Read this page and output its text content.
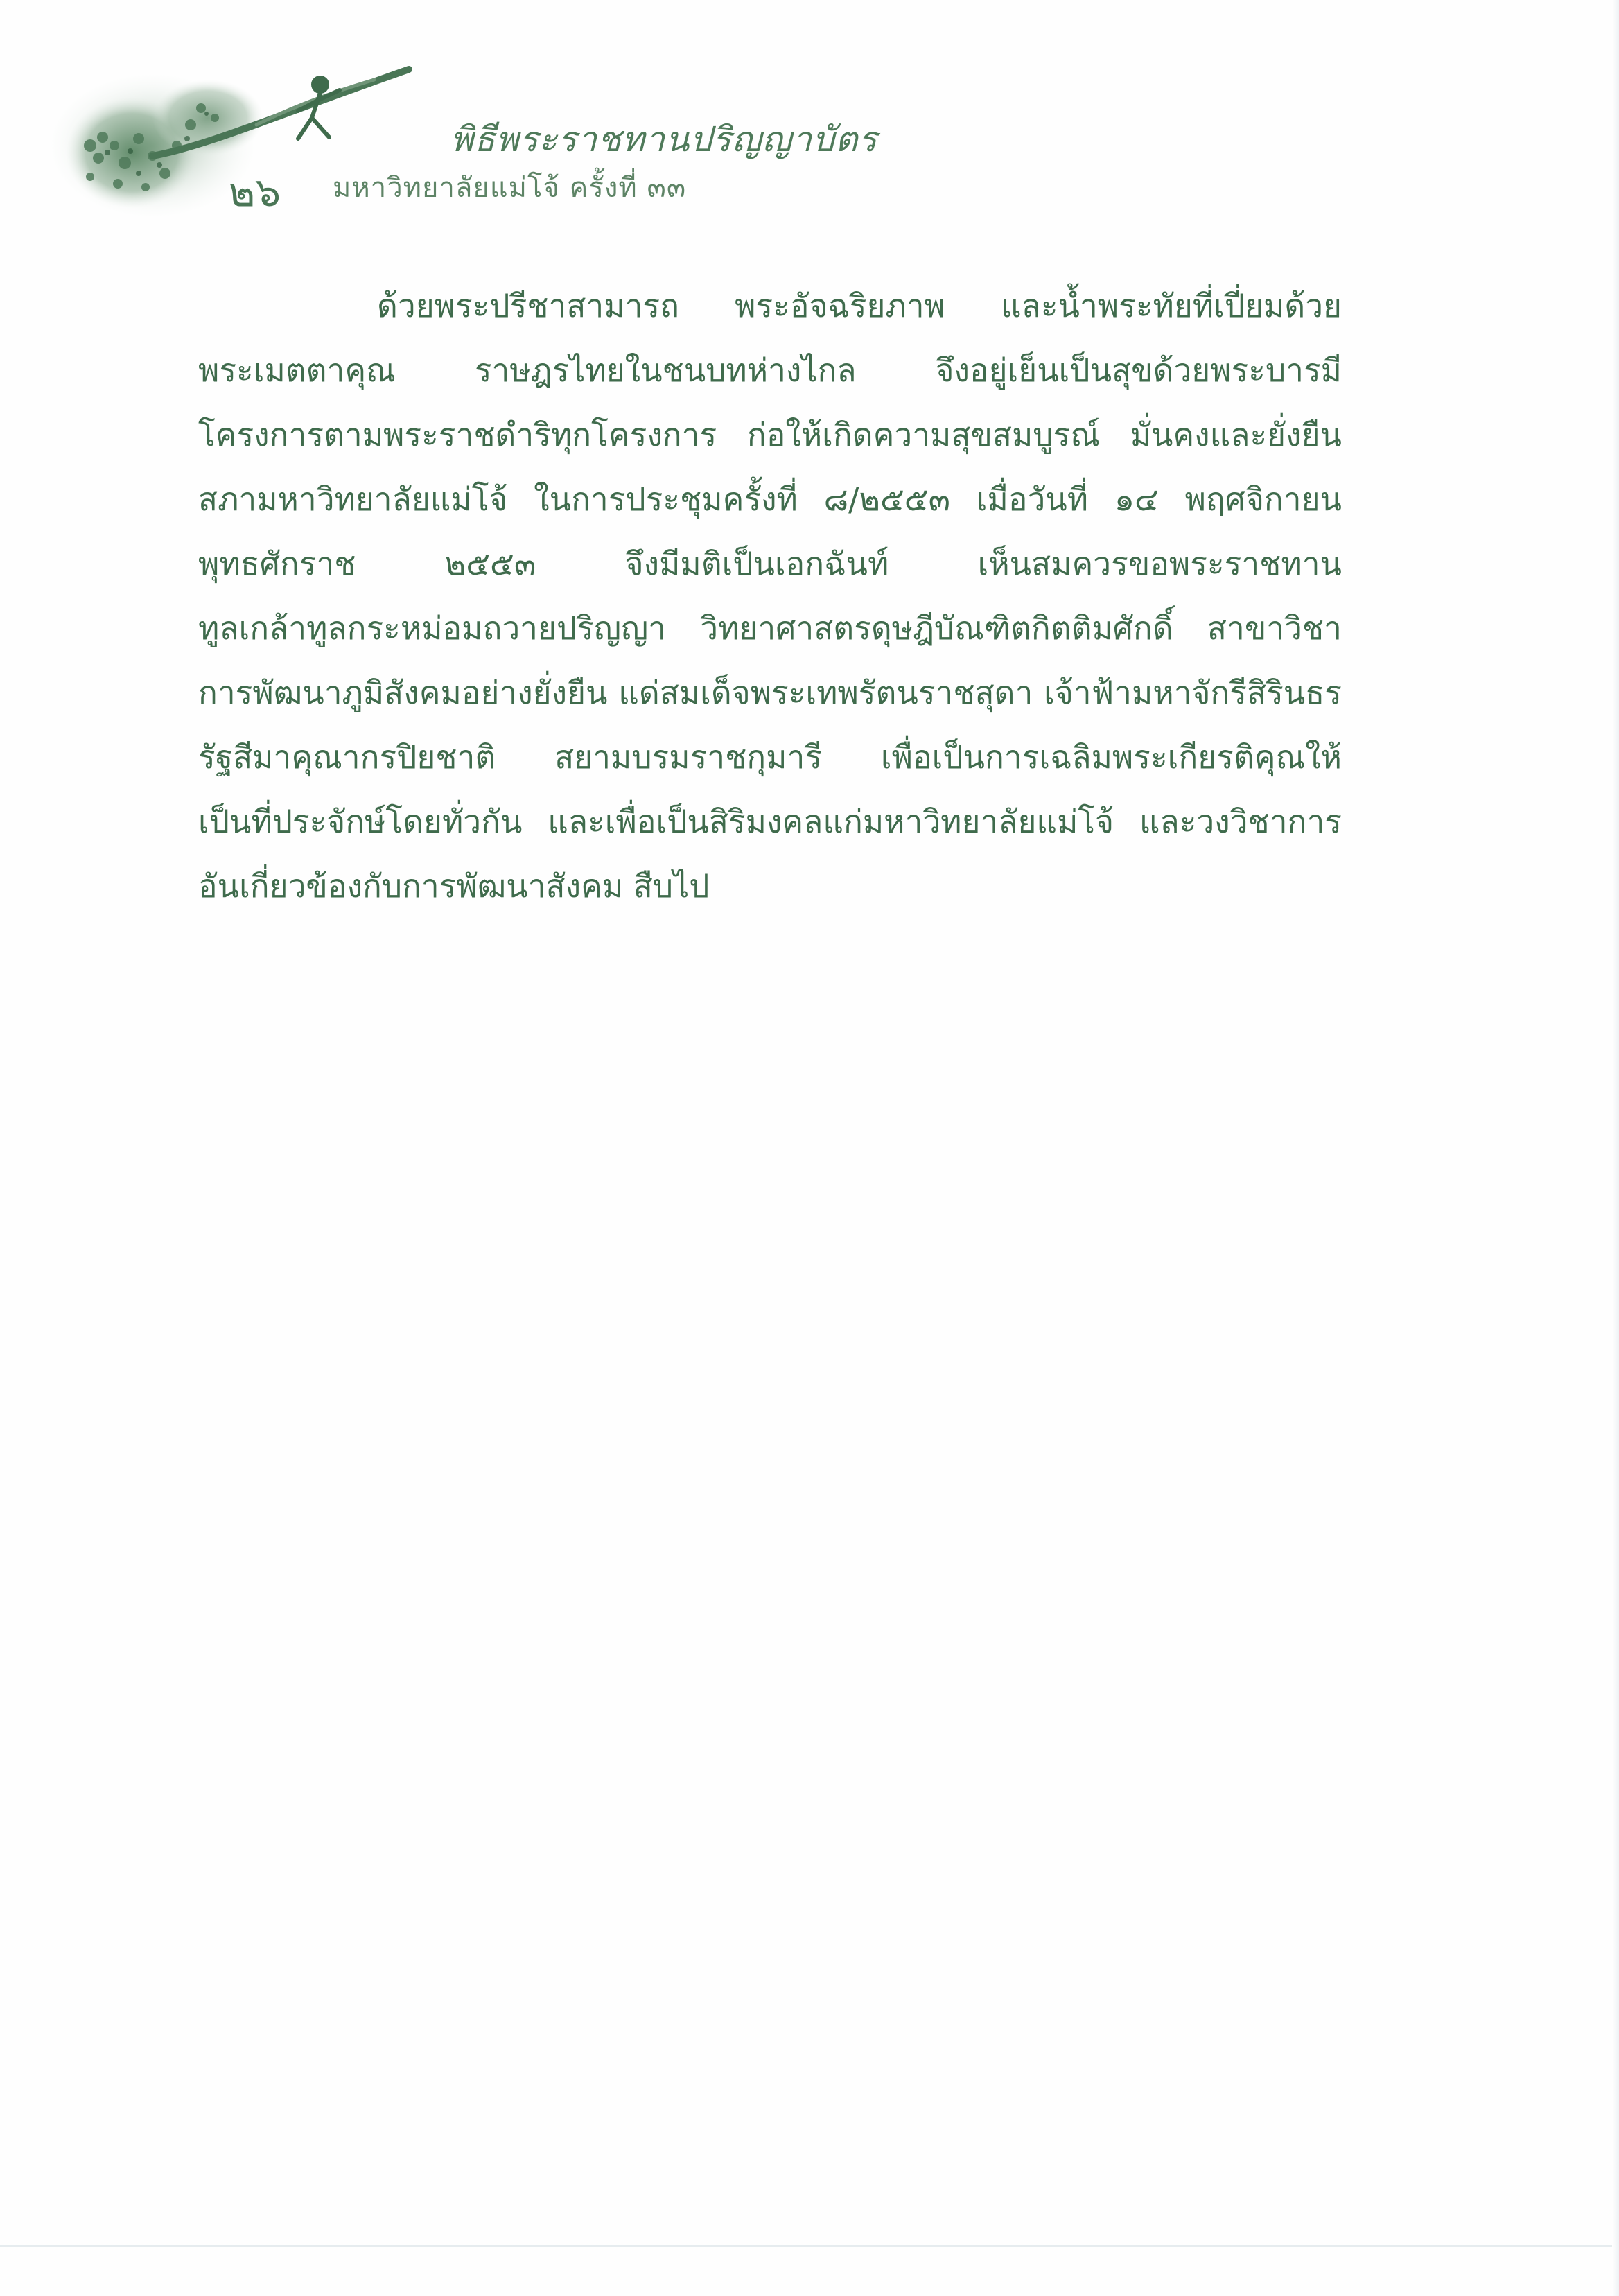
พิธีพระราชทานปริญญาบัตร
๒๖ มหาวิทยาลัยแม่โจ้ ครั้งที่ ๓๓
ด้วยพระปรีชาสามารถ พระอัจฉริยภาพ และน้ำพระทัยที่เปี่ยมด้วย
พระเมตตาคุณ ราษฎรไทยในชนบทห่างไกล จึงอยู่เย็นเป็นสุขด้วยพระบารมี
โครงการตามพระราชดำริทุกโครงการ ก่อให้เกิดความสุขสมบูรณ์ มั่นคงและยั่งยืน
สภามหาวิทยาลัยแม่โจ้ ในการประชุมครั้งที่ ๘/๒๕๕๓ เมื่อวันที่ ๑๔ พฤศจิกายน
พุทธศักราช ๒๕๕๓ จึงมีมติเป็นเอกฉันท์ เห็นสมควรขอพระราชทาน
ทูลเกล้าทูลกระหม่อมถวายปริญญา วิทยาศาสตรดุษฎีบัณฑิตกิตติมศักดิ์ สาขาวิชา
การพัฒนาภูมิสังคมอย่างยั่งยืน แด่สมเด็จพระเทพรัตนราชสุดา เจ้าฟ้ามหาจักรีสิรินธร
รัฐสีมาคุณากรปิยชาติ สยามบรมราชกุมารี เพื่อเป็นการเฉลิมพระเกียรติคุณให้
เป็นที่ประจักษ์โดยทั่วกัน และเพื่อเป็นสิริมงคลแก่มหาวิทยาลัยแม่โจ้ และวงวิชาการ
อันเกี่ยวข้องกับการพัฒนาสังคม สืบไป
